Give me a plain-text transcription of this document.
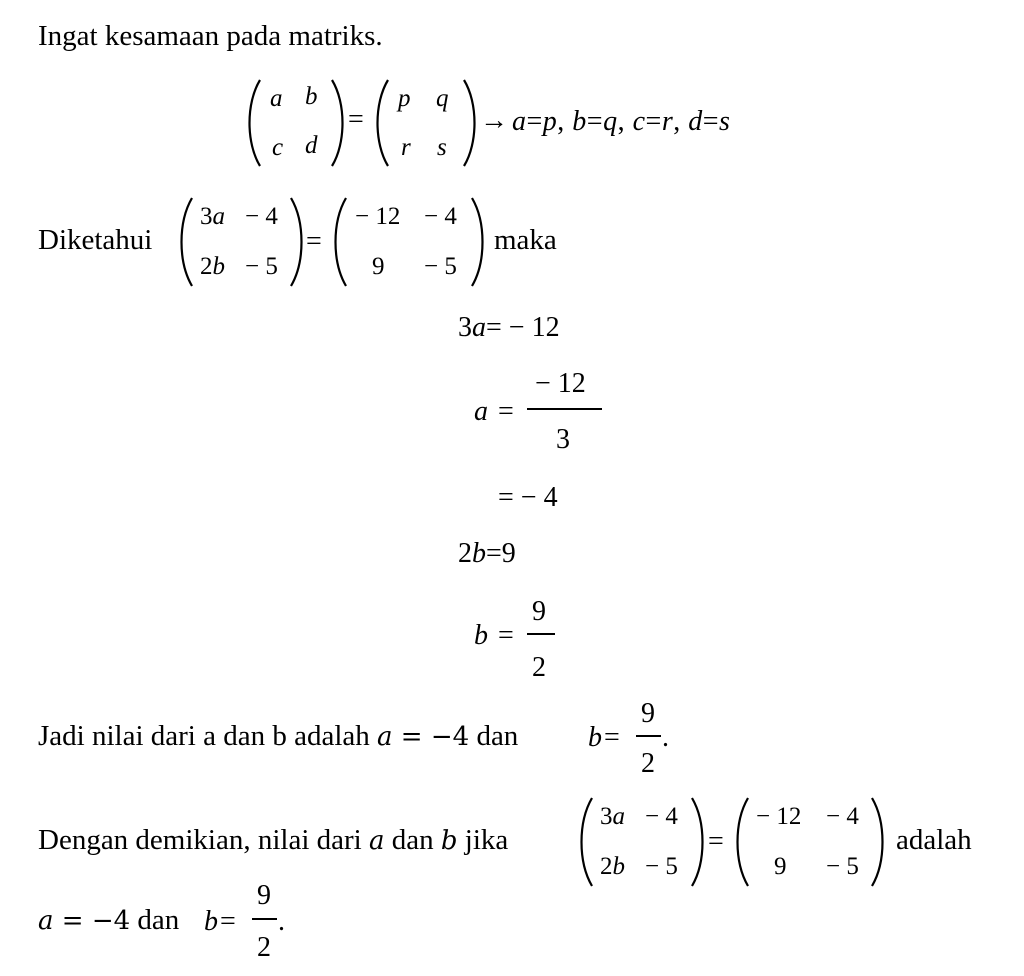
Ingat kesamaan pada matriks.
a b
c d
=
p q
r s
→ a=p, b=q, c=r, d=s
Diketahui
3a − 4
2b − 5
=
− 12 − 4
9 − 5
maka
3a= − 12
a =
− 12
3
= − 4
2b=9
b =
9
2
Jadi nilai dari a dan b adalah a = −4 dan b =
9
2
.
Dengan demikian, nilai dari a dan b jika
3a − 4
2b − 5
=
− 12 − 4
9 − 5
adalah
a = −4 dan b =
9
2
.
